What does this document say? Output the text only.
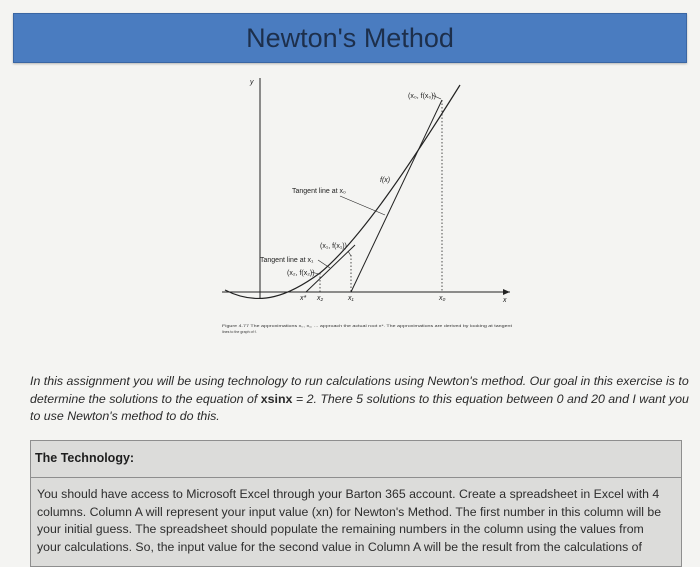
Newton's Method
y
x
f(x)
(x₀, f(x₀))
Tangent line at x₀
(x₁, f(x₁))
Tangent line at x₁
(x₂, f(x₂))
x* x₂	x₁	x₀
Figure 4.77 The approximations x₀, x₁, ... approach the actual root x*. The approximations are derived by looking at tangent
lines to the graph of f.
In this assignment you will be using technology to run calculations using Newton's method. Our goal in this exercise is to determine the solutions to the equation of xsinx = 2. There 5 solutions to this equation between 0 and 20 and I want you to use Newton's method to do this.
The Technology:
You should have access to Microsoft Excel through your Barton 365 account. Create a spreadsheet in Excel with 4
columns. Column A will represent your input value (xn) for Newton's Method. The first number in this column will be
your initial guess. The spreadsheet should populate the remaining numbers in the column using the values from
your calculations. So, the input value for the second value in Column A will be the result from the calculations of
